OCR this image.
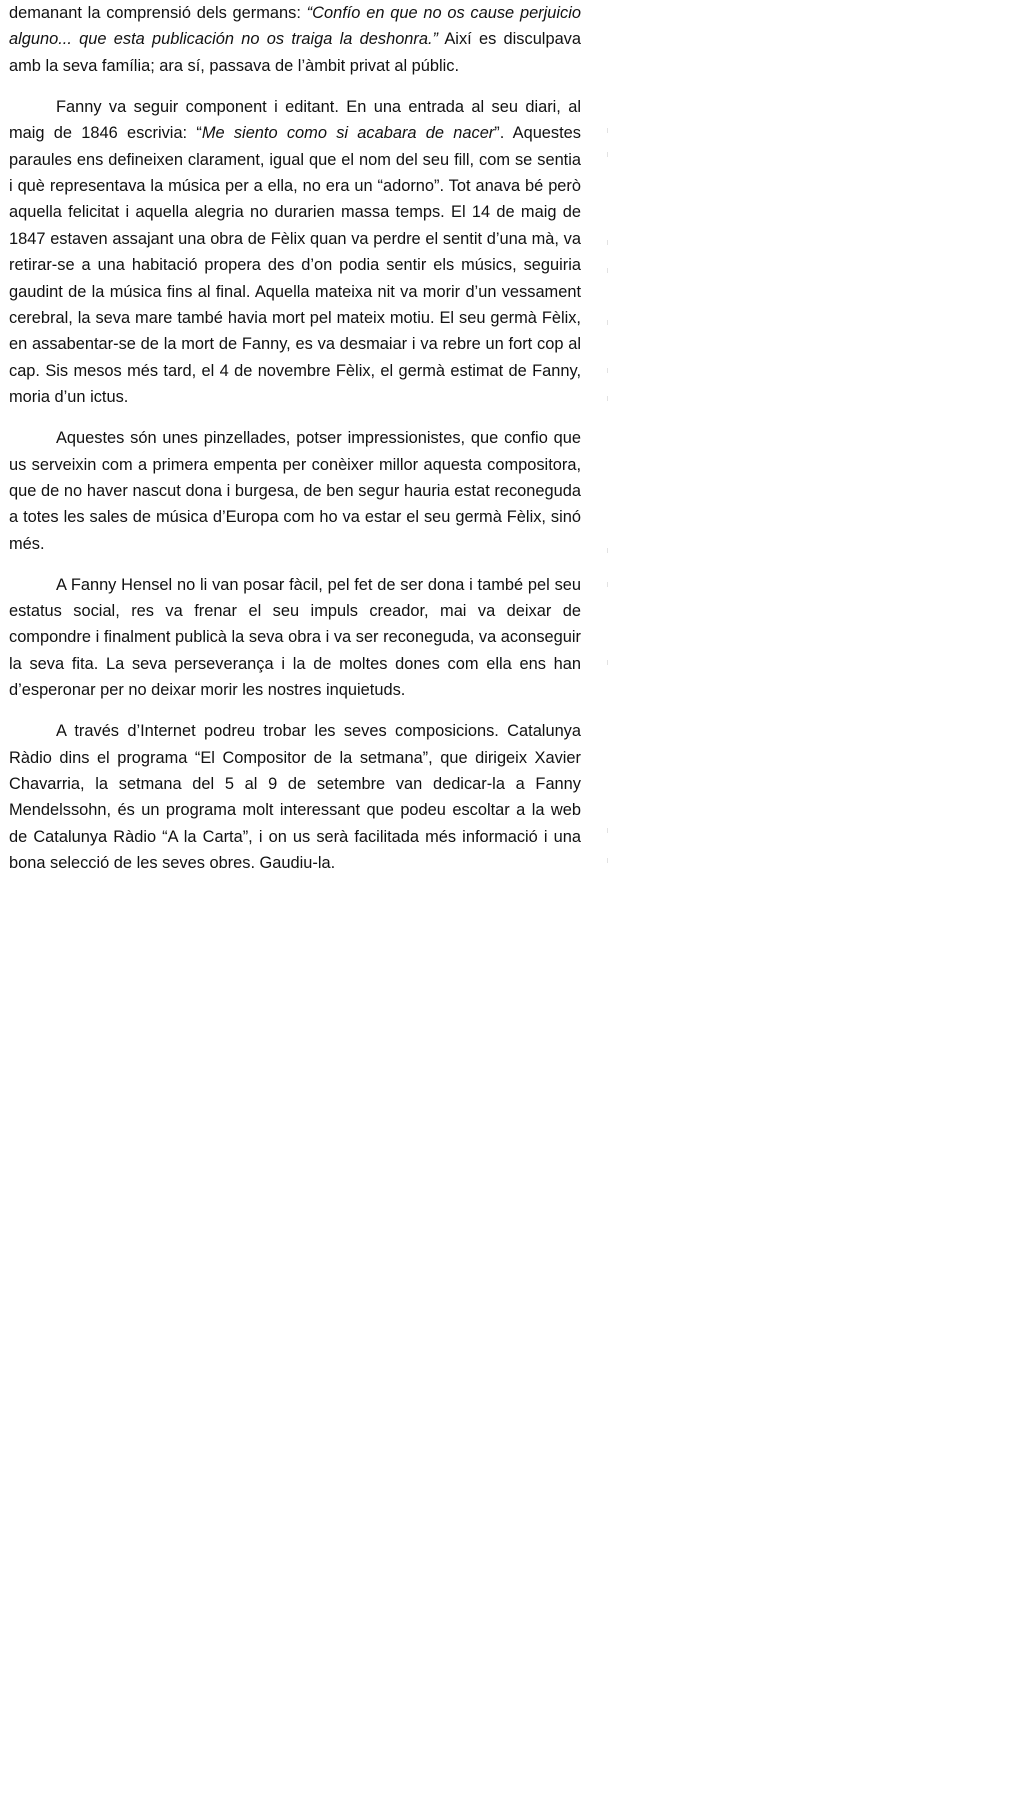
demanant la comprensió dels germans: “Confío en que no os cause perjuicio alguno... que esta publicación no os traiga la deshonra.” Així es disculpava amb la seva família; ara sí, passava de l’àmbit privat al públic.

Fanny va seguir component i editant. En una entrada al seu diari, al maig de 1846 escrivia: “Me siento como si acabara de nacer”. Aquestes paraules ens defineixen clarament, igual que el nom del seu fill, com se sentia i què representava la música per a ella, no era un “adorno”. Tot anava bé però aquella felicitat i aquella alegria no durarien massa temps. El 14 de maig de 1847 estaven assajant una obra de Fèlix quan va perdre el sentit d’una mà, va retirar-se a una habitació propera des d’on podia sentir els músics, seguiria gaudint de la música fins al final. Aquella mateixa nit va morir d’un vessament cerebral, la seva mare també havia mort pel mateix motiu. El seu germà Fèlix, en assabentar-se de la mort de Fanny, es va desmaiar i va rebre un fort cop al cap. Sis mesos més tard, el 4 de novembre Fèlix, el germà estimat de Fanny, moria d’un ictus.

Aquestes són unes pinzellades, potser impressionistes, que confio que us serveixin com a primera empenta per conèixer millor aquesta compositora, que de no haver nascut dona i burgesa, de ben segur hauria estat reconeguda a totes les sales de música d’Europa com ho va estar el seu germà Fèlix, sinó més.

A Fanny Hensel no li van posar fàcil, pel fet de ser dona i també pel seu estatus social, res va frenar el seu impuls creador, mai va deixar de compondre i finalment publicà la seva obra i va ser reconeguda, va aconseguir la seva fita. La seva perseverança i la de moltes dones com ella ens han d’esperonar per no deixar morir les nostres inquietuds.

A través d’Internet podreu trobar les seves composicions. Catalunya Ràdio dins el programa “El Compositor de la setmana”, que dirigeix Xavier Chavarria, la setmana del 5 al 9 de setembre van dedicar-la a Fanny Mendelssohn, és un programa molt interessant que podeu escoltar a la web de Catalunya Ràdio “A la Carta”, i on us serà facilitada més informació i una bona selecció de les seves obres. Gaudiu-la.
